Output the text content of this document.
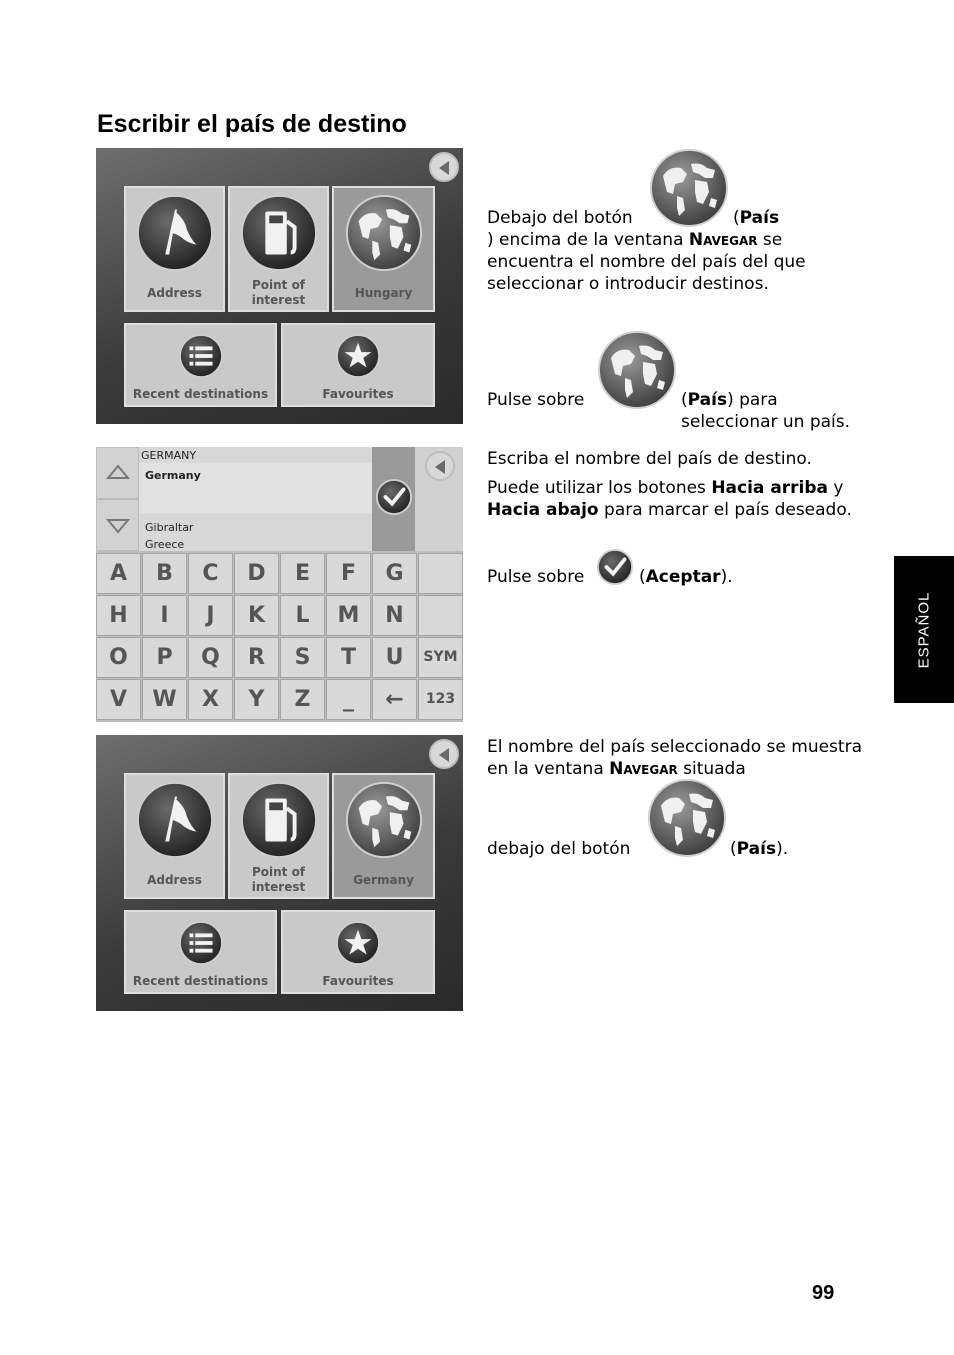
Escribir el país de destino
Address
Point of
interest	Hungary
Recent destinations	Favourites
Debajo del botón	(País
) encima de la ventana Navegar se encuentra el nombre del país del que seleccionar o introducir destinos.
Pulse sobre	(País) para seleccionar un país.
GERMANY
Germany
Gibraltar
Greece
A	B	C	D	E	F	G
H	I	J	K	L	M	N
O	P	Q	R	S	T	U	SYM
V	W	X	Y	Z	_	←	123
Escriba el nombre del país de destino.
Puede utilizar los botones Hacia arriba y Hacia abajo para marcar el país deseado.
Pulse sobre	(Aceptar).
Address
Point of
interest	Germany
Recent destinations	Favourites
El nombre del país seleccionado se muestra en la ventana Navegar situada
debajo del botón	(País).
ESPAÑOL
99
